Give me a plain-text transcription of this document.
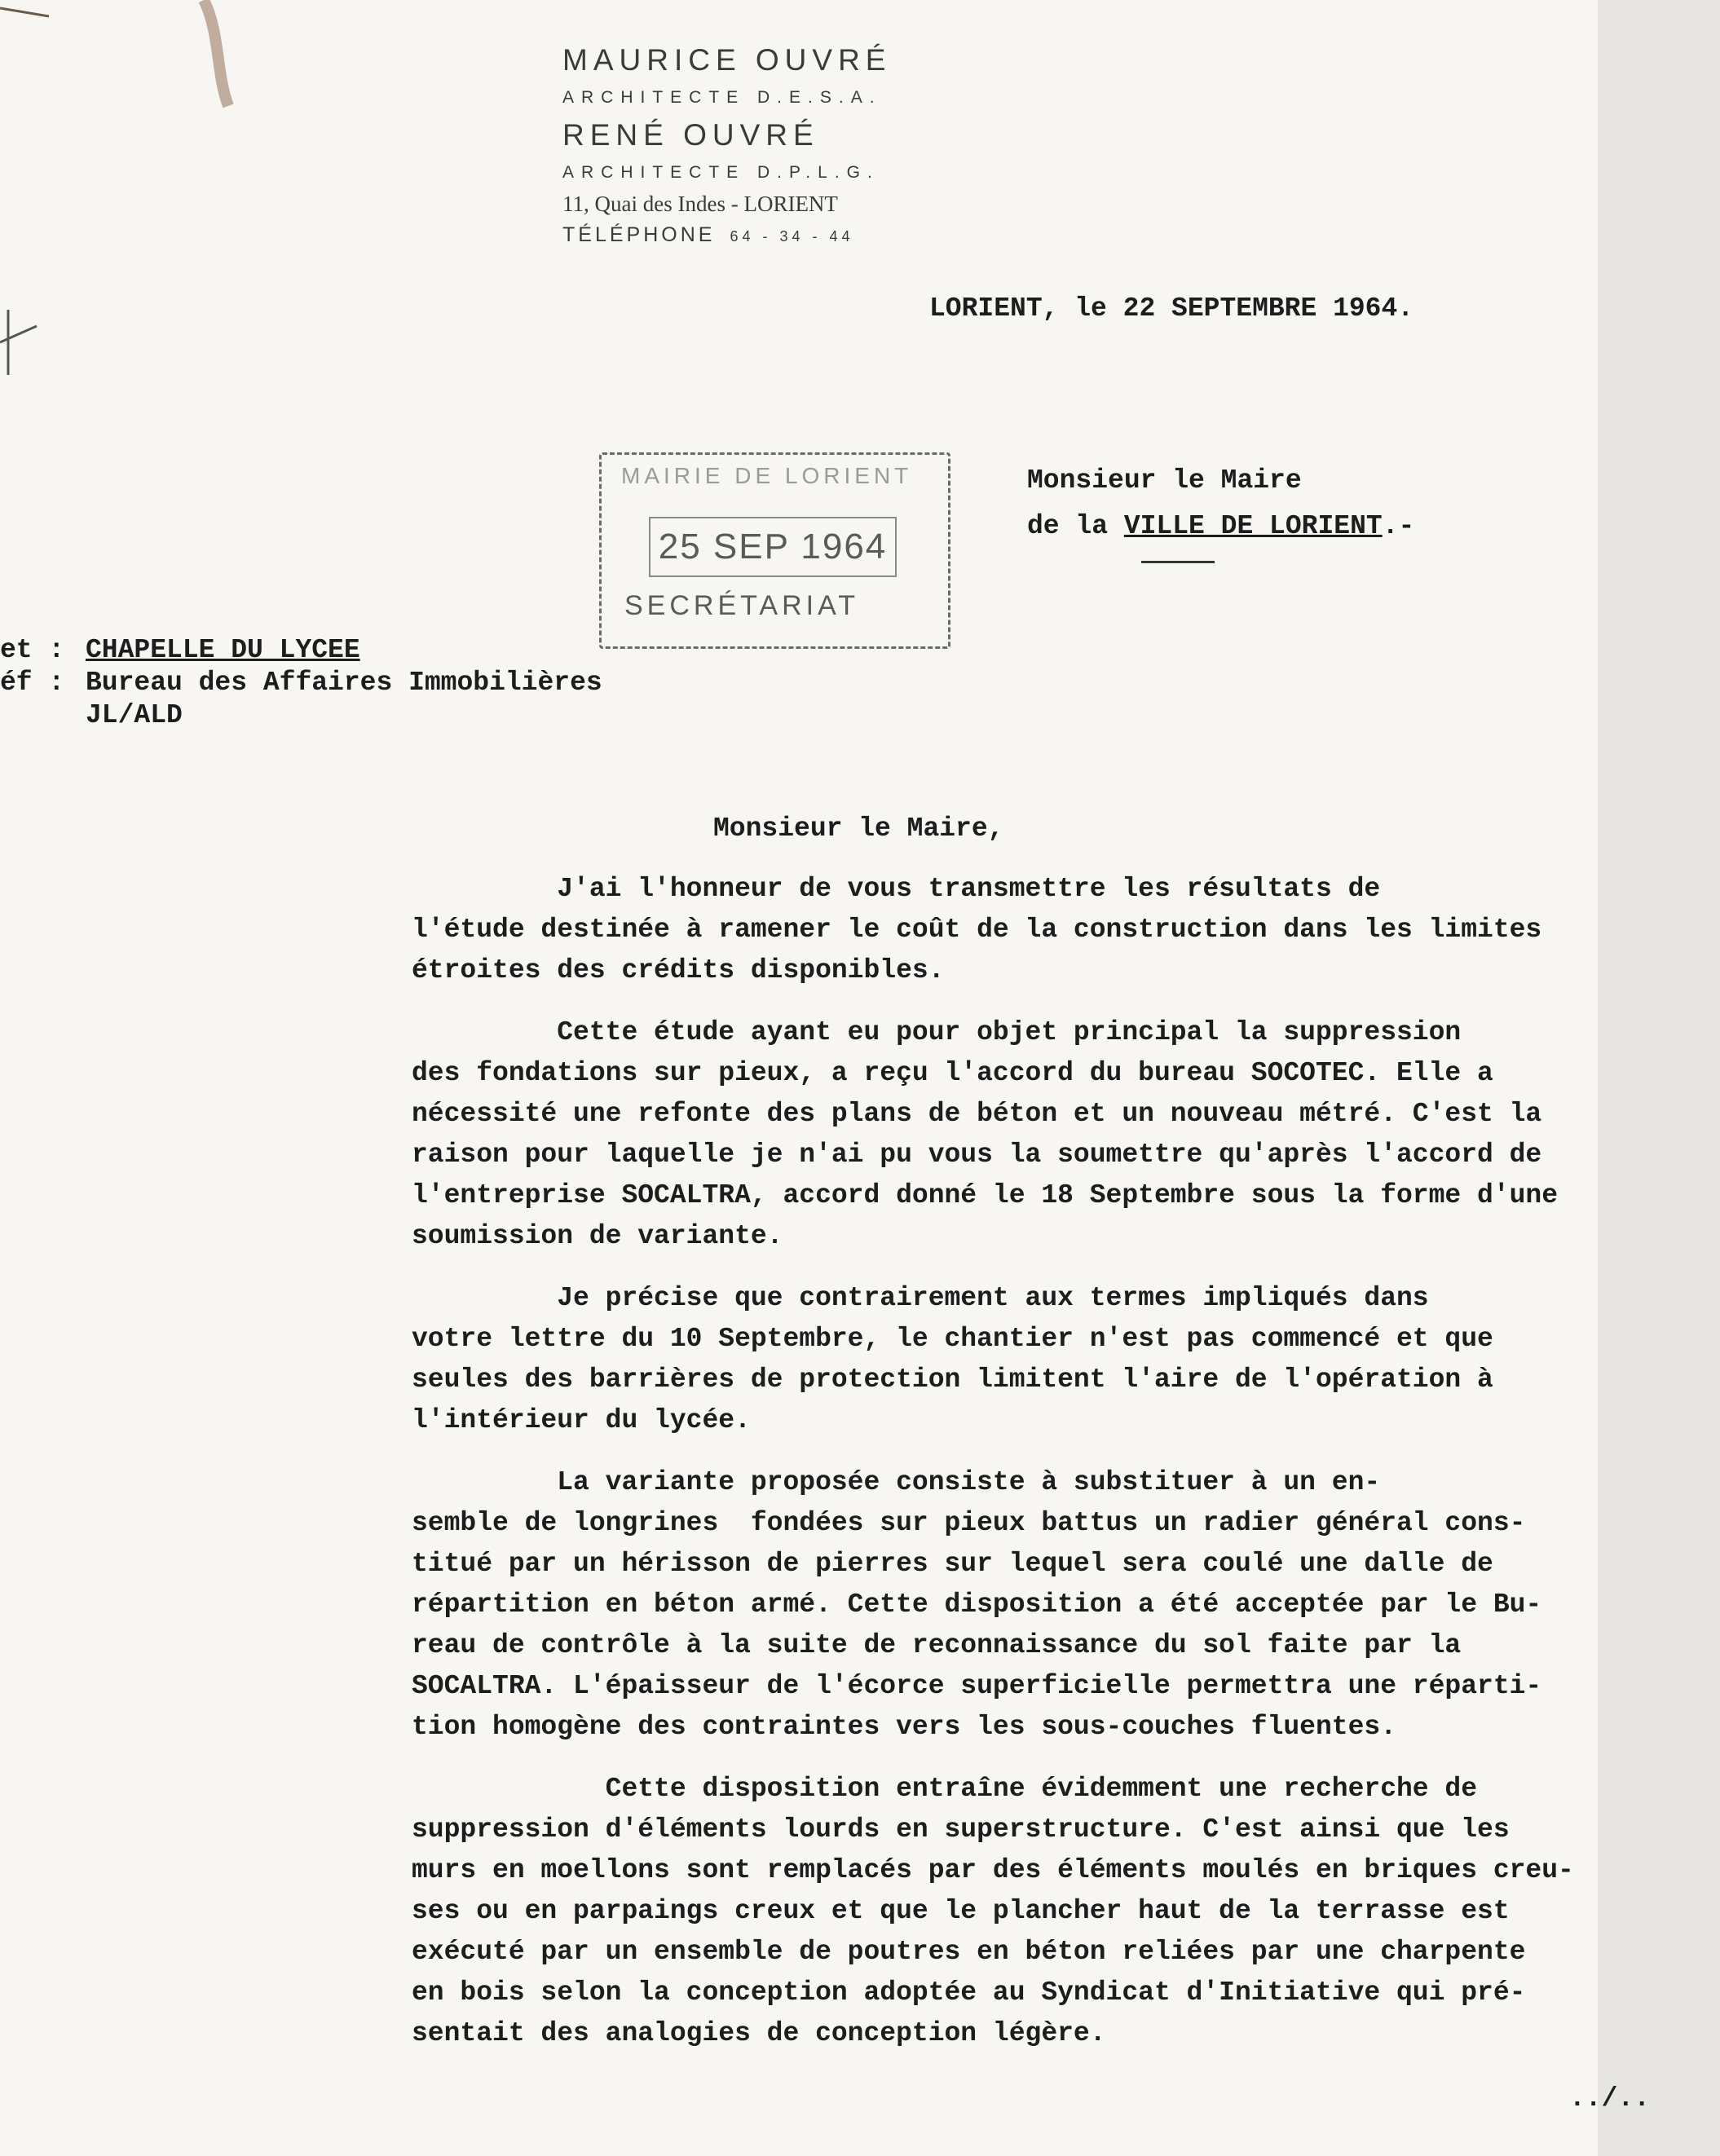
MAURICE OUVRÉ
ARCHITECTE D.E.S.A.
RENÉ OUVRÉ
ARCHITECTE D.P.L.G.
11, Quai des Indes - LORIENT
TÉLÉPHONE 64 - 34 - 44
LORIENT, le 22 SEPTEMBRE 1964.
Monsieur le Maire
de la VILLE DE LORIENT.-
MAIRIE DE LORIENT
25 SEP 1964
SECRÉTARIAT
et : CHAPELLE DU LYCEE
éf : Bureau des Affaires Immobilières
JL/ALD
Monsieur le Maire,
J'ai l'honneur de vous transmettre les résultats de
l'étude destinée à ramener le coût de la construction dans les limites
étroites des crédits disponibles.
Cette étude ayant eu pour objet principal la suppression
des fondations sur pieux, a reçu l'accord du bureau SOCOTEC. Elle a
nécessité une refonte des plans de béton et un nouveau métré. C'est la
raison pour laquelle je n'ai pu vous la soumettre qu'après l'accord de
l'entreprise SOCALTRA, accord donné le 18 Septembre sous la forme d'une
soumission de variante.
Je précise que contrairement aux termes impliqués dans
votre lettre du 10 Septembre, le chantier n'est pas commencé et que
seules des barrières de protection limitent l'aire de l'opération à
l'intérieur du lycée.
La variante proposée consiste à substituer à un en-
semble de longrines  fondées sur pieux battus un radier général cons-
titué par un hérisson de pierres sur lequel sera coulé une dalle de
répartition en béton armé. Cette disposition a été acceptée par le Bu-
reau de contrôle à la suite de reconnaissance du sol faite par la
SOCALTRA. L'épaisseur de l'écorce superficielle permettra une réparti-
tion homogène des contraintes vers les sous-couches fluentes.
Cette disposition entraîne évidemment une recherche de
suppression d'éléments lourds en superstructure. C'est ainsi que les
murs en moellons sont remplacés par des éléments moulés en briques creu-
ses ou en parpaings creux et que le plancher haut de la terrasse est
exécuté par un ensemble de poutres en béton reliées par une charpente
en bois selon la conception adoptée au Syndicat d'Initiative qui pré-
sentait des analogies de conception légère.
../..
